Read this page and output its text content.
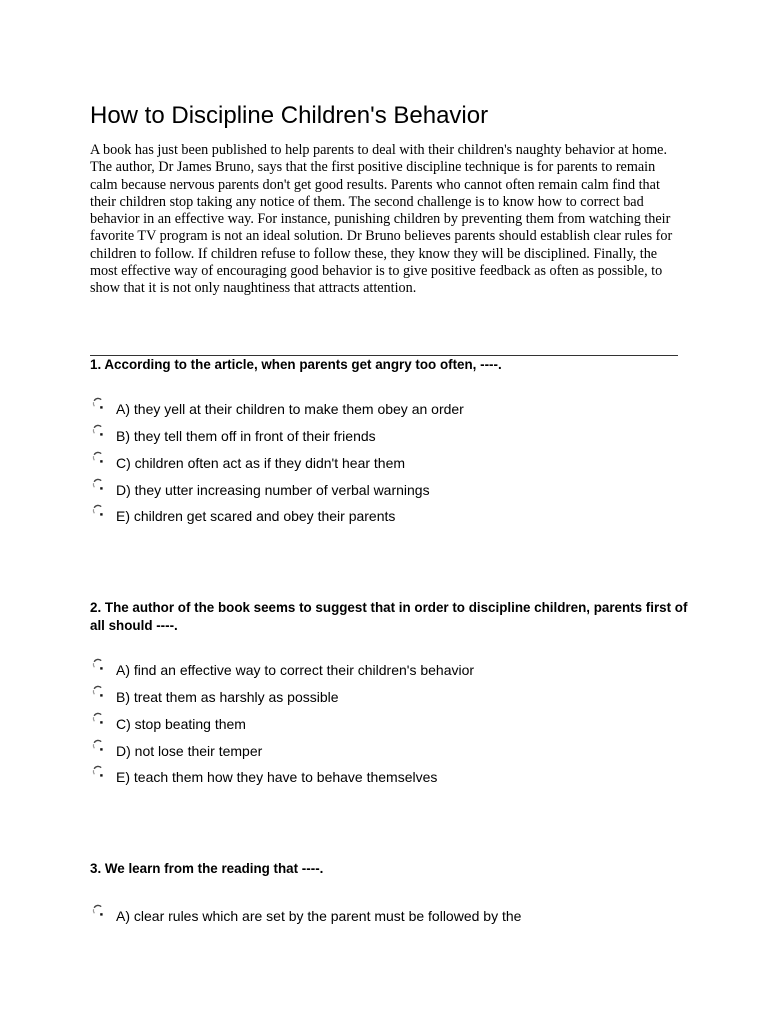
How to Discipline Children's Behavior

A book has just been published to help parents to deal with their children's naughty behavior at home. The author, Dr James Bruno, says that the first positive discipline technique is for parents to remain calm because nervous parents don't get good results. Parents who cannot often remain calm find that their children stop taking any notice of them. The second challenge is to know how to correct bad behavior in an effective way. For instance, punishing children by preventing them from watching their favorite TV program is not an ideal solution. Dr Bruno believes parents should establish clear rules for children to follow. If children refuse to follow these, they know they will be disciplined. Finally, the most effective way of encouraging good behavior is to give positive feedback as often as possible, to show that it is not only naughtiness that attracts attention.

1. According to the article, when parents get angry too often, ----.

A) they yell at their children to make them obey an order
B) they tell them off in front of their friends
C) children often act as if they didn't hear them
D) they utter increasing number of verbal warnings
E) children get scared and obey their parents

2. The author of the book seems to suggest that in order to discipline children, parents first of all should ----.

A) find an effective way to correct their children's behavior
B) treat them as harshly as possible
C) stop beating them
D) not lose their temper
E) teach them how they have to behave themselves

3. We learn from the reading that ----.

A) clear rules which are set by the parent must be followed by the
